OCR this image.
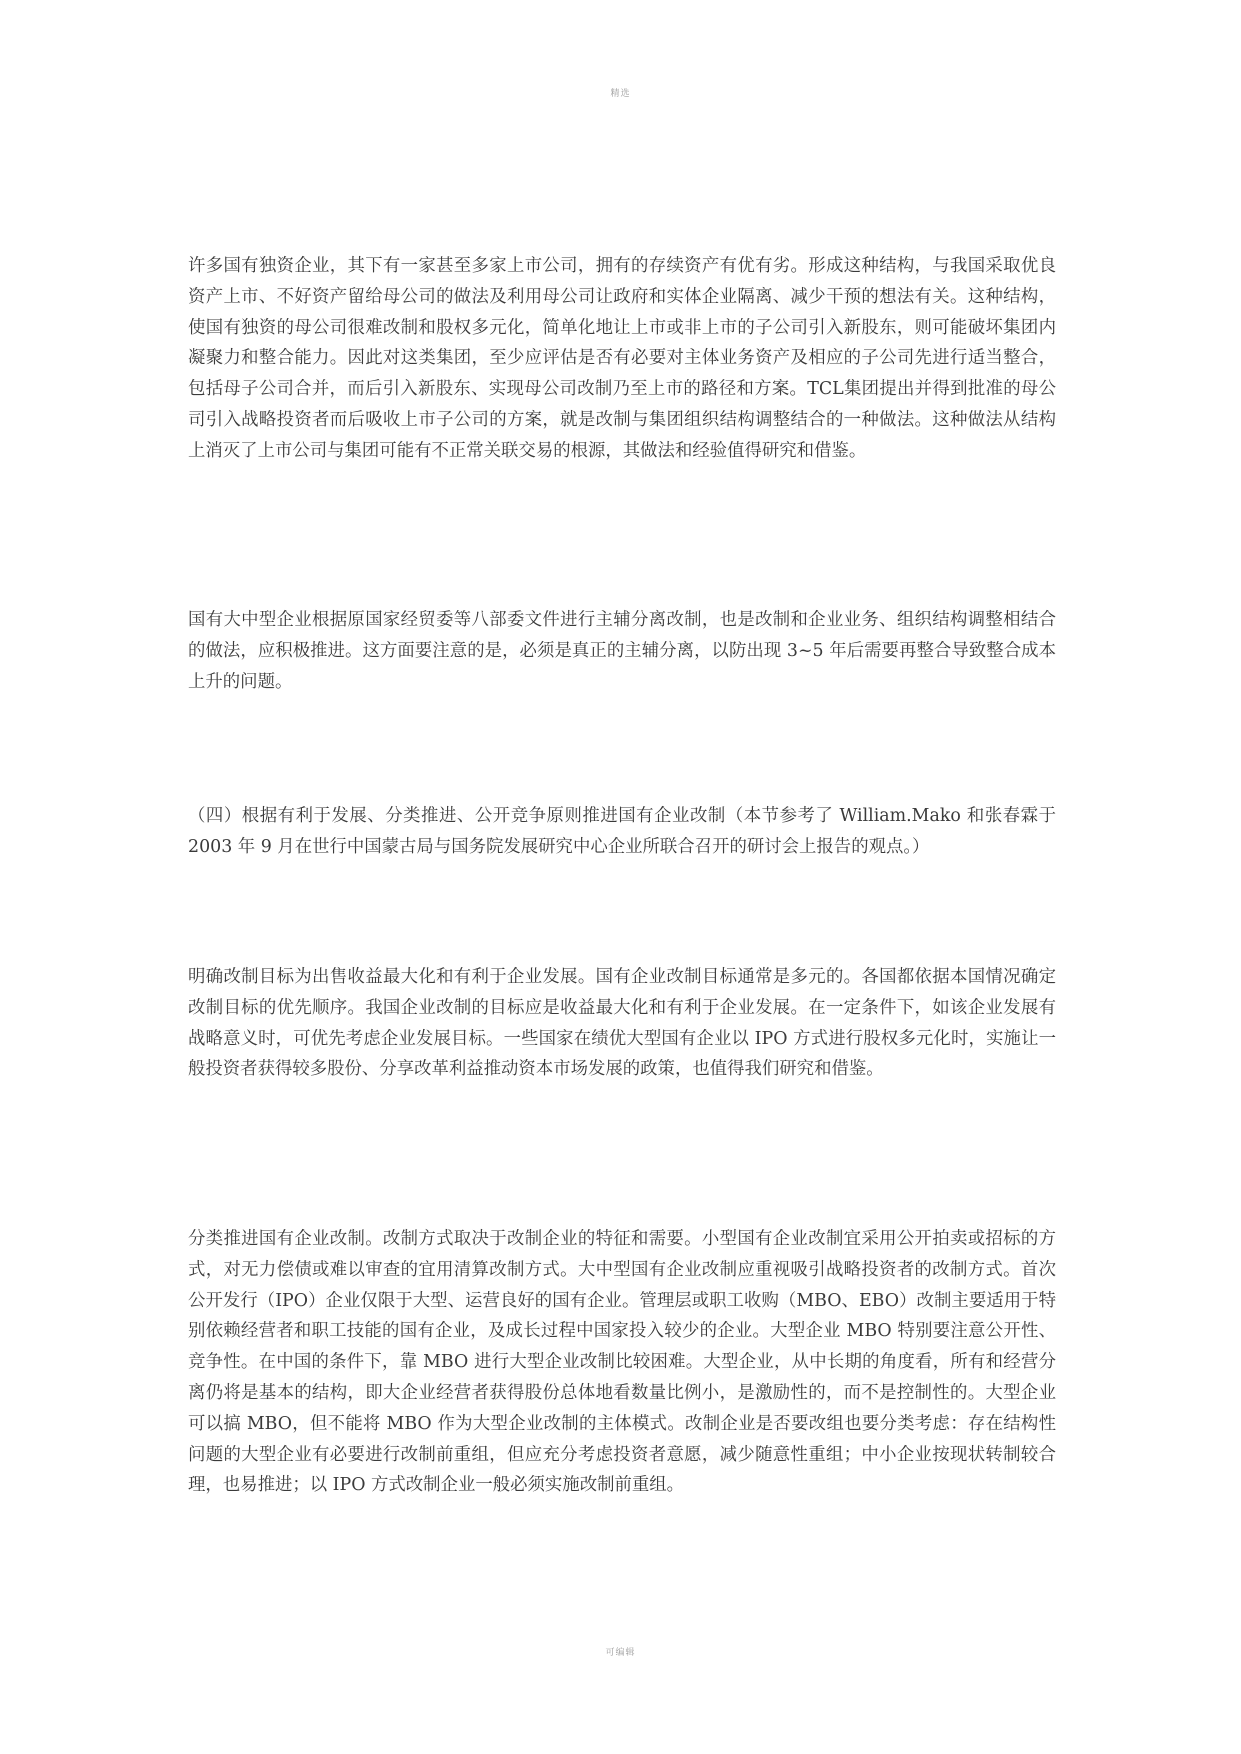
精选

许多国有独资企业，其下有一家甚至多家上市公司，拥有的存续资产有优有劣。形成这种结构，与我国采取优良资产上市、不好资产留给母公司的做法及利用母公司让政府和实体企业隔离、减少干预的想法有关。这种结构，使国有独资的母公司很难改制和股权多元化，简单化地让上市或非上市的子公司引入新股东，则可能破坏集团内凝聚力和整合能力。因此对这类集团，至少应评估是否有必要对主体业务资产及相应的子公司先进行适当整合，包括母子公司合并，而后引入新股东、实现母公司改制乃至上市的路径和方案。TCL集团提出并得到批准的母公司引入战略投资者而后吸收上市子公司的方案，就是改制与集团组织结构调整结合的一种做法。这种做法从结构上消灭了上市公司与集团可能有不正常关联交易的根源，其做法和经验值得研究和借鉴。

国有大中型企业根据原国家经贸委等八部委文件进行主辅分离改制，也是改制和企业业务、组织结构调整相结合的做法，应积极推进。这方面要注意的是，必须是真正的主辅分离，以防出现 3~5 年后需要再整合导致整合成本上升的问题。

（四）根据有利于发展、分类推进、公开竞争原则推进国有企业改制（本节参考了 William.Mako 和张春霖于 2003 年 9 月在世行中国蒙古局与国务院发展研究中心企业所联合召开的研讨会上报告的观点。）

明确改制目标为出售收益最大化和有利于企业发展。国有企业改制目标通常是多元的。各国都依据本国情况确定改制目标的优先顺序。我国企业改制的目标应是收益最大化和有利于企业发展。在一定条件下，如该企业发展有战略意义时，可优先考虑企业发展目标。一些国家在绩优大型国有企业以 IPO 方式进行股权多元化时，实施让一般投资者获得较多股份、分享改革利益推动资本市场发展的政策，也值得我们研究和借鉴。

分类推进国有企业改制。改制方式取决于改制企业的特征和需要。小型国有企业改制宜采用公开拍卖或招标的方式，对无力偿债或难以审查的宜用清算改制方式。大中型国有企业改制应重视吸引战略投资者的改制方式。首次公开发行（IPO）企业仅限于大型、运营良好的国有企业。管理层或职工收购（MBO、EBO）改制主要适用于特别依赖经营者和职工技能的国有企业，及成长过程中国家投入较少的企业。大型企业 MBO 特别要注意公开性、竞争性。在中国的条件下，靠 MBO 进行大型企业改制比较困难。大型企业，从中长期的角度看，所有和经营分离仍将是基本的结构，即大企业经营者获得股份总体地看数量比例小，是激励性的，而不是控制性的。大型企业可以搞 MBO，但不能将 MBO 作为大型企业改制的主体模式。改制企业是否要改组也要分类考虑：存在结构性问题的大型企业有必要进行改制前重组，但应充分考虑投资者意愿，减少随意性重组；中小企业按现状转制较合理，也易推进；以 IPO 方式改制企业一般必须实施改制前重组。

可编辑
